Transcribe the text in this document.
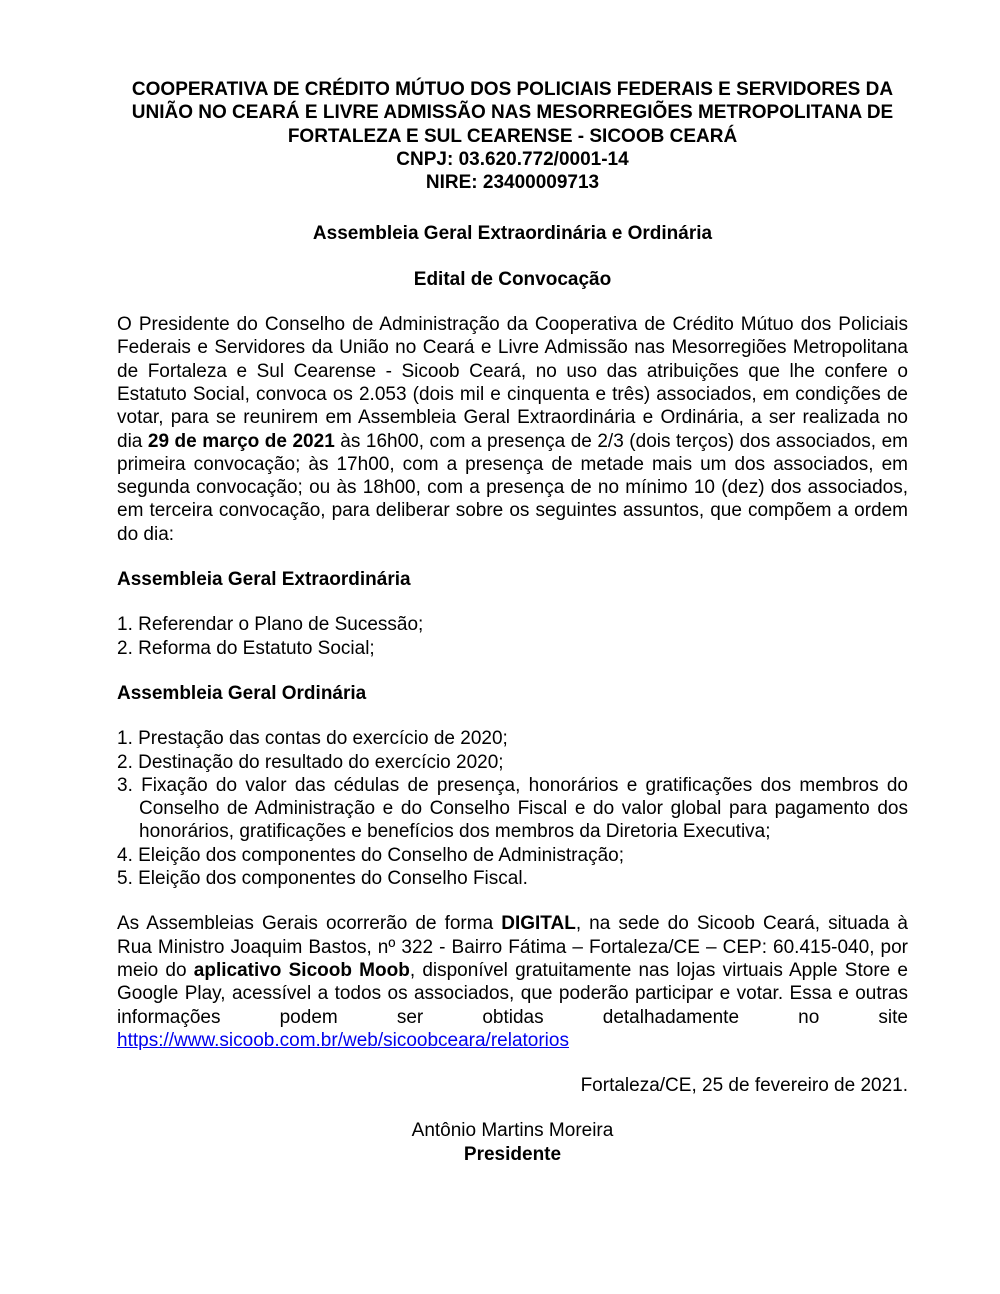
COOPERATIVA DE CRÉDITO MÚTUO DOS POLICIAIS FEDERAIS E SERVIDORES DA
UNIÃO NO CEARÁ E LIVRE ADMISSÃO NAS MESORREGIÕES METROPOLITANA DE
FORTALEZA E SUL CEARENSE - SICOOB CEARÁ
CNPJ: 03.620.772/0001-14
NIRE: 23400009713
Assembleia Geral Extraordinária e Ordinária
Edital de Convocação
O Presidente do Conselho de Administração da Cooperativa de Crédito Mútuo dos Policiais Federais e Servidores da União no Ceará e Livre Admissão nas Mesorregiões Metropolitana de Fortaleza e Sul Cearense - Sicoob Ceará, no uso das atribuições que lhe confere o Estatuto Social, convoca os 2.053 (dois mil e cinquenta e três) associados, em condições de votar, para se reunirem em Assembleia Geral Extraordinária e Ordinária, a ser realizada no dia 29 de março de 2021 às 16h00, com a presença de 2/3 (dois terços) dos associados, em primeira convocação; às 17h00, com a presença de metade mais um dos associados, em segunda convocação; ou às 18h00, com a presença de no mínimo 10 (dez) dos associados, em terceira convocação, para deliberar sobre os seguintes assuntos, que compõem a ordem do dia:
Assembleia Geral Extraordinária
1. Referendar o Plano de Sucessão;
2. Reforma do Estatuto Social;
Assembleia Geral Ordinária
1. Prestação das contas do exercício de 2020;
2. Destinação do resultado do exercício 2020;
3. Fixação do valor das cédulas de presença, honorários e gratificações dos membros do Conselho de Administração e do Conselho Fiscal e do valor global para pagamento dos honorários, gratificações e benefícios dos membros da Diretoria Executiva;
4. Eleição dos componentes do Conselho de Administração;
5. Eleição dos componentes do Conselho Fiscal.
As Assembleias Gerais ocorrerão de forma DIGITAL, na sede do Sicoob Ceará, situada à Rua Ministro Joaquim Bastos, nº 322 - Bairro Fátima – Fortaleza/CE – CEP: 60.415-040, por meio do aplicativo Sicoob Moob, disponível gratuitamente nas lojas virtuais Apple Store e Google Play, acessível a todos os associados, que poderão participar e votar. Essa e outras informações podem ser obtidas detalhadamente no site https://www.sicoob.com.br/web/sicoobceara/relatorios
Fortaleza/CE, 25 de fevereiro de 2021.
Antônio Martins Moreira
Presidente
